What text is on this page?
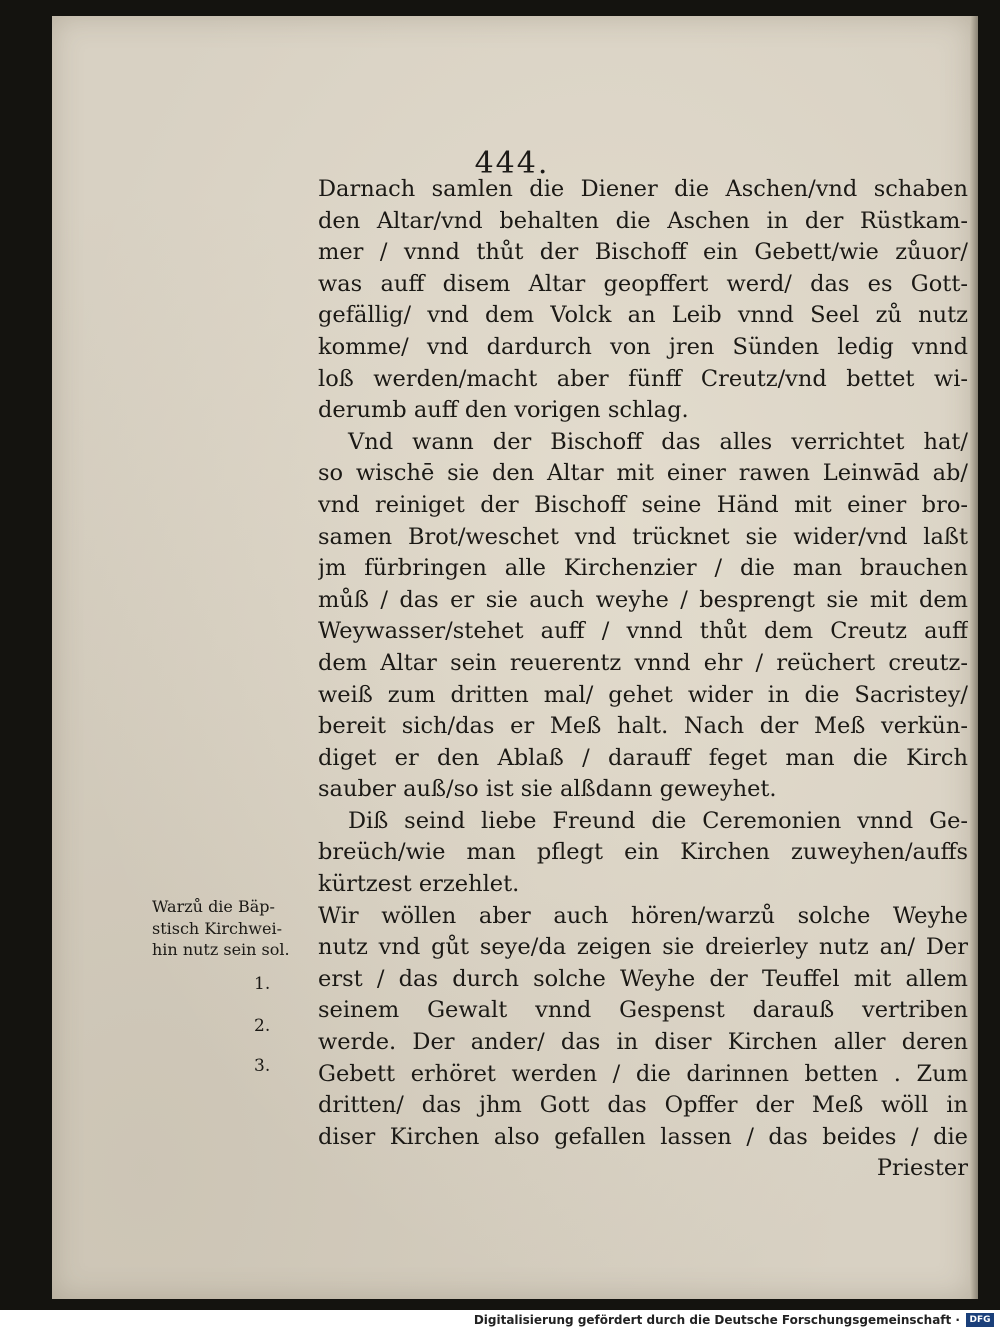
444.
Warzů die Bäp-
stisch Kirchwei-
hin nutz sein sol.
1.
2.
3.
Darnach samlen die Diener die Aschen/vnd schaben
den Altar/vnd behalten die Aschen in der Rüstkam-
mer / vnnd thůt der Bischoff ein Gebett/wie zůuor/
was auff disem Altar geopffert werd/ das es Gott-
gefällig/ vnd dem Volck an Leib vnnd Seel zů nutz
komme/ vnd dardurch von jren Sünden ledig vnnd
loß werden/macht aber fünff Creutz/vnd bettet wi-
derumb auff den vorigen schlag.
Vnd wann der Bischoff das alles verrichtet hat/
so wischē sie den Altar mit einer rawen Leinwād ab/
vnd reiniget der Bischoff seine Händ mit einer bro-
samen Brot/weschet vnd trücknet sie wider/vnd laßt
jm fürbringen alle Kirchenzier / die man brauchen
můß / das er sie auch weyhe / besprengt sie mit dem
Weywasser/stehet auff / vnnd thůt dem Creutz auff
dem Altar sein reuerentz vnnd ehr / reüchert creutz-
weiß zum dritten mal/ gehet wider in die Sacristey/
bereit sich/das er Meß halt. Nach der Meß verkün-
diget er den Ablaß / darauff feget man die Kirch
sauber auß/so ist sie alßdann geweyhet.
Diß seind liebe Freund die Ceremonien vnnd Ge-
breüch/wie man pflegt ein Kirchen zuweyhen/auffs
kürtzest erzehlet.
Wir wöllen aber auch hören/warzů solche Weyhe
nutz vnd gůt seye/da zeigen sie dreierley nutz an/ Der
erst / das durch solche Weyhe der Teuffel mit allem
seinem Gewalt vnnd Gespenst darauß vertriben
werde. Der ander/ das in diser Kirchen aller deren
Gebett erhöret werden / die darinnen betten . Zum
dritten/ das jhm Gott das Opffer der Meß wöll in
diser Kirchen also gefallen lassen / das beides / die
Priester
Digitalisierung gefördert durch die Deutsche Forschungsgemeinschaft ·	DFG
